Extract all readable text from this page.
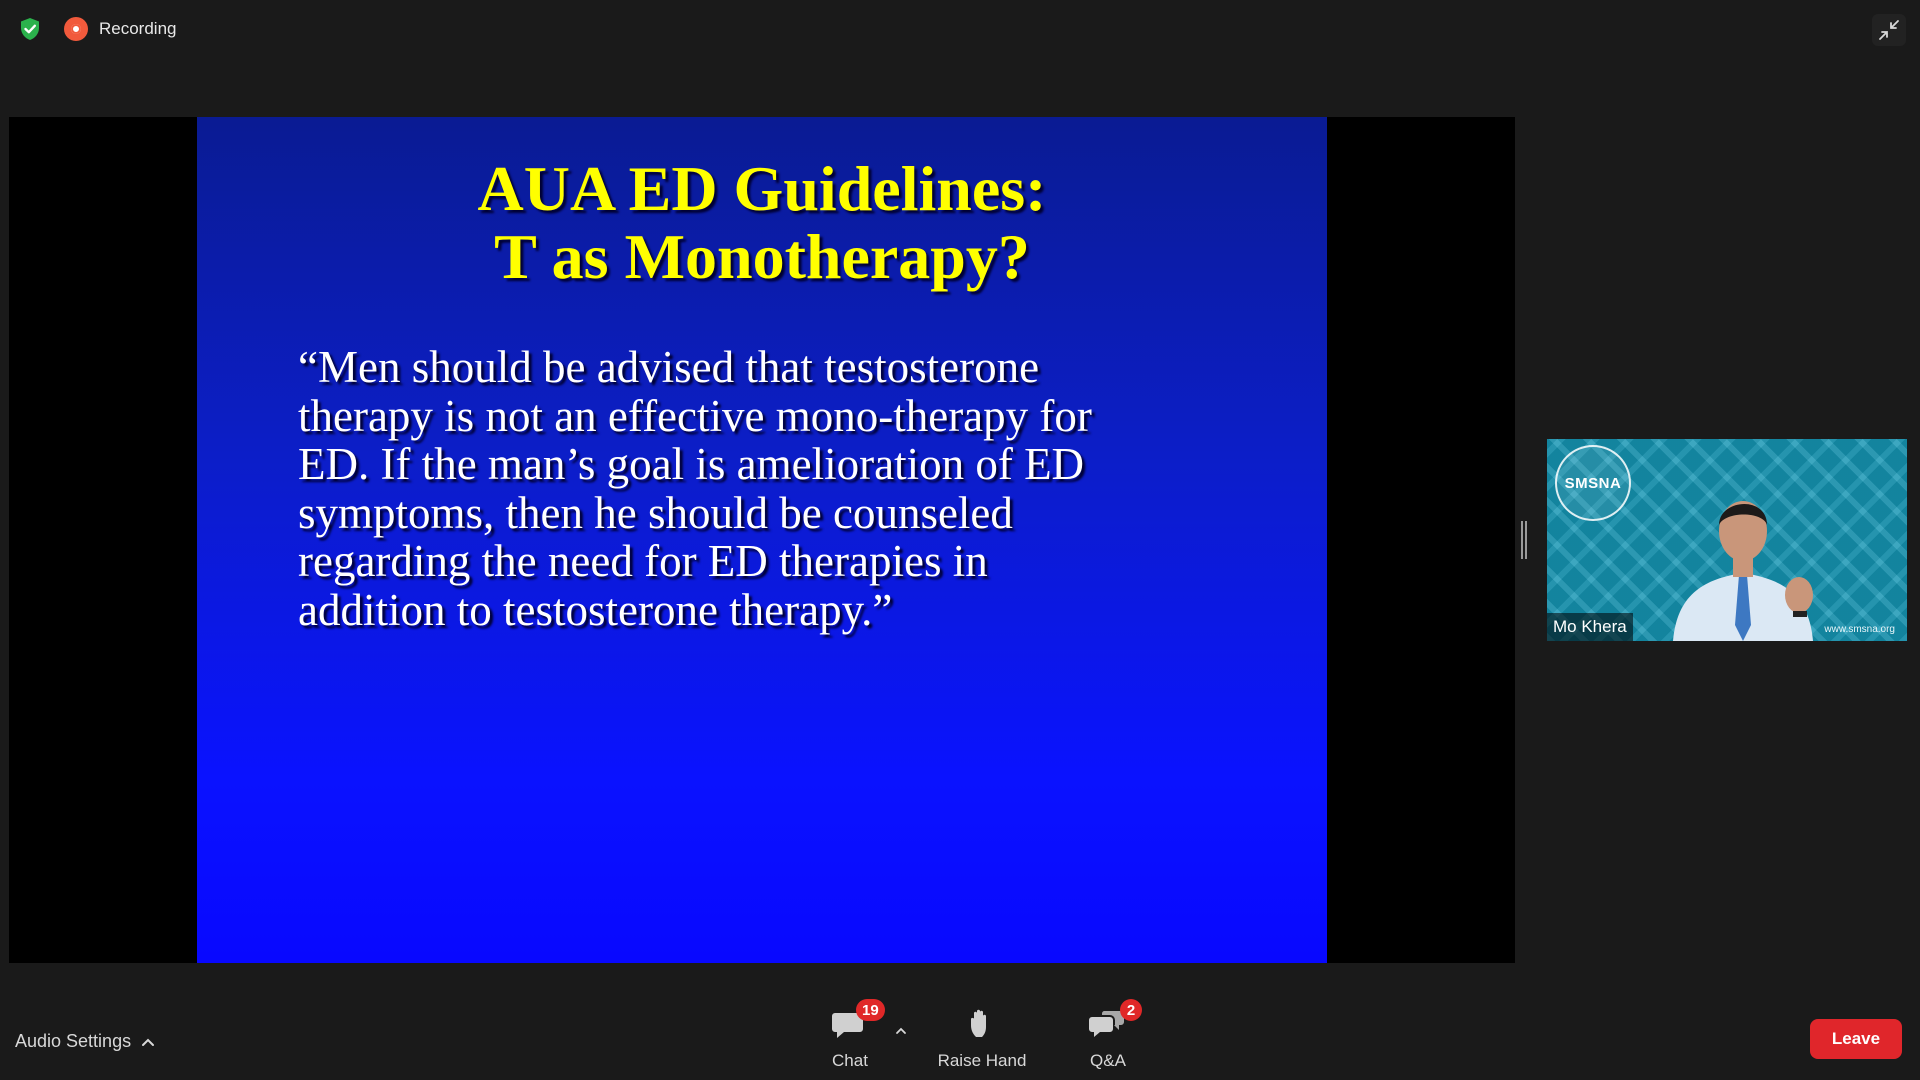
Recording
AUA ED Guidelines:
T as Monotherapy?
“Men should be advised that testosterone
therapy is not an effective mono-therapy for
ED. If the man’s goal is amelioration of ED
symptoms, then he should be counseled
regarding the need for ED therapies in
addition to testosterone therapy.”
SMSNA
Mo Khera	www.smsna.org
Audio Settings
19
Chat	Raise Hand
2
Q&A
Leave
